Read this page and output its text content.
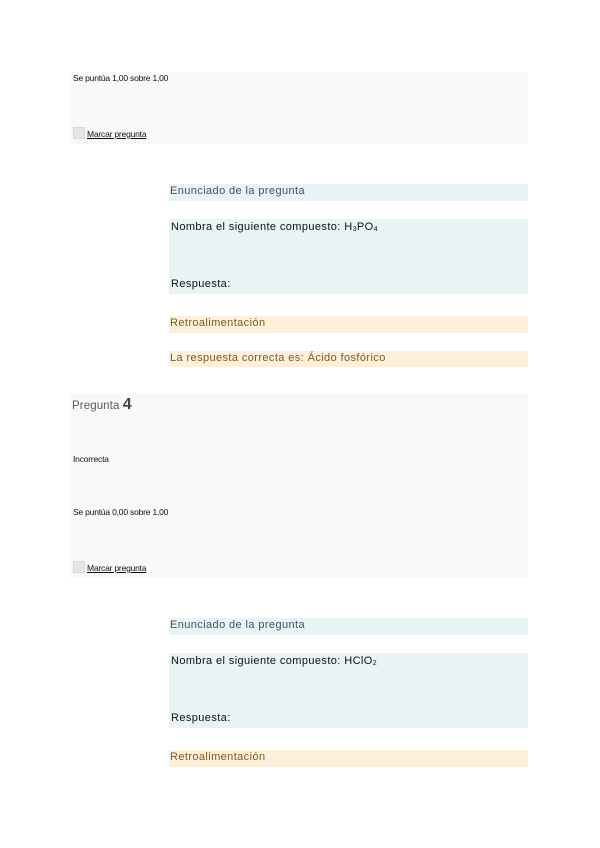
Se puntúa 1,00 sobre 1,00
Marcar pregunta
Enunciado de la pregunta
Nombra el siguiente compuesto: $H_3PO_4$
Respuesta:
Retroalimentación
La respuesta correcta es: Ácido fosfórico
Pregunta 4
Incorrecta
Se puntúa 0,00 sobre 1,00
Marcar pregunta
Enunciado de la pregunta
Nombra el siguiente compuesto: HClO$_2$
Respuesta:
Retroalimentación
